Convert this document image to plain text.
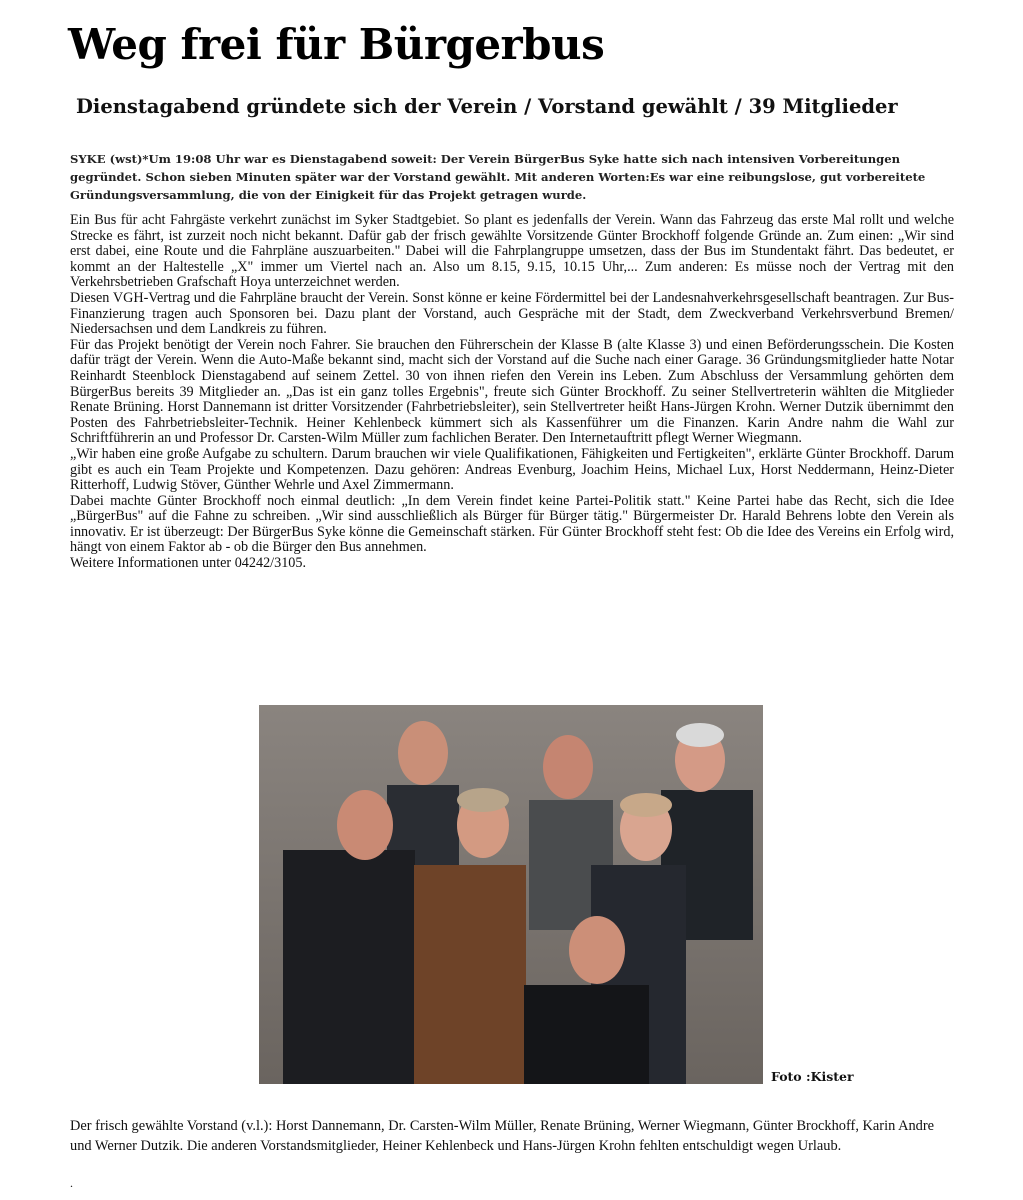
Weg frei für Bürgerbus
Dienstagabend gründete sich der Verein / Vorstand gewählt / 39 Mitglieder
SYKE (wst)*Um 19:08 Uhr war es Dienstagabend soweit: Der Verein BürgerBus Syke hatte sich nach intensiven Vorbereitungen gegründet. Schon sieben Minuten später war der Vorstand gewählt. Mit anderen Worten:Es war eine reibungslose, gut vorbereitete Gründungsversammlung, die von der Einigkeit für das Projekt getragen wurde.

Ein Bus für acht Fahrgäste verkehrt zunächst im Syker Stadtgebiet. So plant es jedenfalls der Verein. Wann das Fahrzeug das erste Mal rollt und welche Strecke es fährt, ist zurzeit noch nicht bekannt. Dafür gab der frisch gewählte Vorsitzende Günter Brockhoff folgende Gründe an. Zum einen: „Wir sind erst dabei, eine Route und die Fahrpläne auszuarbeiten." Dabei will die Fahrplangruppe umsetzen, dass der Bus im Stundentakt fährt. Das bedeutet, er kommt an der Haltestelle „X" immer um Viertel nach an. Also um 8.15, 9.15, 10.15 Uhr,... Zum anderen: Es müsse noch der Vertrag mit den Verkehrsbetrieben Grafschaft Hoya unterzeichnet werden.

Diesen VGH-Vertrag und die Fahrpläne braucht der Verein. Sonst könne er keine Fördermittel bei der Landesnahverkehrsgesellschaft beantragen. Zur Bus-Finanzierung tragen auch Sponsoren bei. Dazu plant der Vorstand, auch Gespräche mit der Stadt, dem Zweckverband Verkehrsverbund Bremen/ Niedersachsen und dem Landkreis zu führen.

Für das Projekt benötigt der Verein noch Fahrer. Sie brauchen den Führerschein der Klasse B (alte Klasse 3) und einen Beförderungsschein. Die Kosten dafür trägt der Verein. Wenn die Auto-Maße bekannt sind, macht sich der Vorstand auf die Suche nach einer Garage. 36 Gründungsmitglieder hatte Notar Reinhardt Steenblock Dienstagabend auf seinem Zettel. 30 von ihnen riefen den Verein ins Leben. Zum Abschluss der Versammlung gehörten dem BürgerBus bereits 39 Mitglieder an. „Das ist ein ganz tolles Ergebnis", freute sich Günter Brockhoff. Zu seiner Stellvertreterin wählten die Mitglieder Renate Brüning. Horst Dannemann ist dritter Vorsitzender (Fahrbetriebsleiter), sein Stellvertreter heißt Hans-Jürgen Krohn. Werner Dutzik übernimmt den Posten des Fahrbetriebsleiter-Technik. Heiner Kehlenbeck kümmert sich als Kassenführer um die Finanzen. Karin Andre nahm die Wahl zur Schriftführerin an und Professor Dr. Carsten-Wilm Müller zum fachlichen Berater. Den Internetauftritt pflegt Werner Wiegmann.

„Wir haben eine große Aufgabe zu schultern. Darum brauchen wir viele Qualifikationen, Fähigkeiten und Fertigkeiten", erklärte Günter Brockhoff. Darum gibt es auch ein Team Projekte und Kompetenzen. Dazu gehören: Andreas Evenburg, Joachim Heins, Michael Lux, Horst Neddermann, Heinz-Dieter Ritterhoff, Ludwig Stöver, Günther Wehrle und Axel Zimmermann.

Dabei machte Günter Brockhoff noch einmal deutlich: „In dem Verein findet keine Partei-Politik statt." Keine Partei habe das Recht, sich die Idee „BürgerBus" auf die Fahne zu schreiben. „Wir sind ausschließlich als Bürger für Bürger tätig." Bürgermeister Dr. Harald Behrens lobte den Verein als innovativ. Er ist überzeugt: Der BürgerBus Syke könne die Gemeinschaft stärken. Für Günter Brockhoff steht fest: Ob die Idee des Vereins ein Erfolg wird, hängt von einem Faktor ab - ob die Bürger den Bus annehmen.

Weitere Informationen unter 04242/3105.

Foto :Kister
Der frisch gewählte Vorstand (v.l.): Horst Dannemann, Dr. Carsten-Wilm Müller, Renate Brüning, Werner Wiegmann, Günter Brockhoff, Karin Andre und Werner Dutzik. Die anderen Vorstandsmitglieder, Heiner Kehlenbeck und Hans-Jürgen Krohn fehlten entschuldigt wegen Urlaub.
.
